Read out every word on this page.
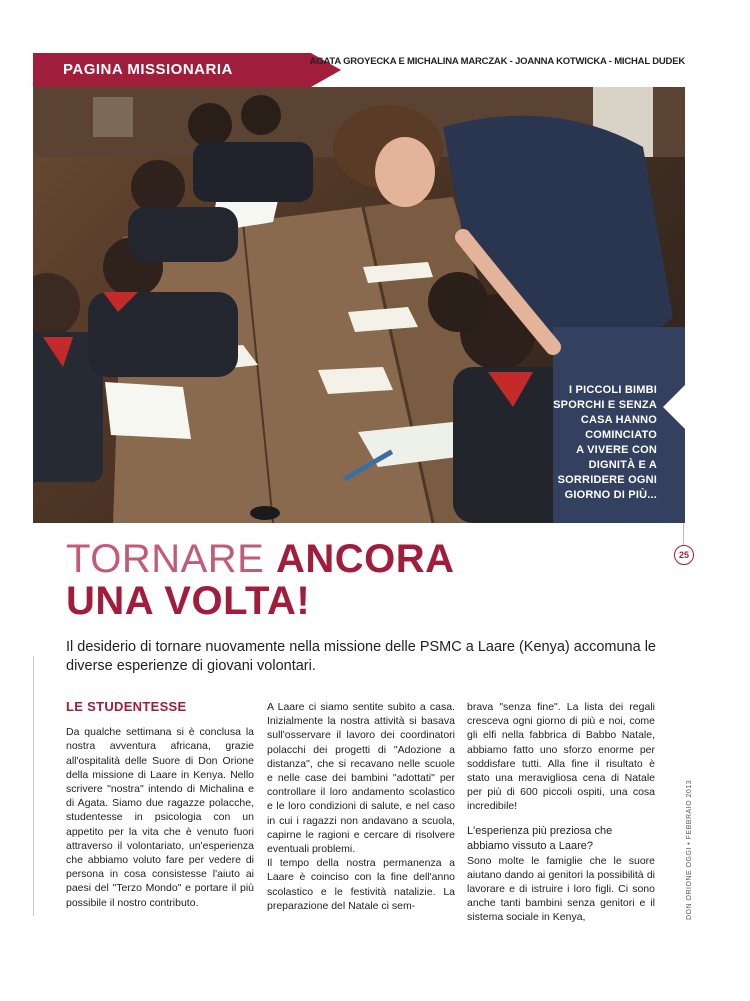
PAGINA MISSIONARIA	AGATA GROYECKA E MICHALINA MARCZAK - JOANNA KOTWICKA - MICHAL DUDEK
I PICCOLI BIMBI
SPORCHI E SENZA
CASA HANNO
COMINCIATO
A VIVERE CON
DIGNITÀ E A
SORRIDERE OGNI
GIORNO DI PIÙ...
25
TORNARE ANCORA
UNA VOLTA!

Il desiderio di tornare nuovamente nella missione delle PSMC a Laare (Kenya) accomuna le diverse esperienze di giovani volontari.

LE STUDENTESSE

Da qualche settimana si è conclusa la nostra avventura africana, grazie all'ospitalità delle Suore di Don Orione della missione di Laare in Kenya. Nello scrivere "nostra" intendo di Michalina e di Agata. Siamo due ragazze polacche, studentesse in psicologia con un appetito per la vita che è venuto fuori attraverso il volontariato, un'esperienza che abbiamo voluto fare per vedere di persona in cosa consistesse l'aiuto ai paesi del "Terzo Mondo" e portare il più possibile il nostro contributo.

A Laare ci siamo sentite subito a casa. Inizialmente la nostra attività si basava sull'osservare il lavoro dei coordinatori polacchi dei progetti di "Adozione a distanza", che si recavano nelle scuole e nelle case dei bambini "adottati" per controllare il loro andamento scolastico e le loro condizioni di salute, e nel caso in cui i ragazzi non andavano a scuola, capirne le ragioni e cercare di risolvere eventuali problemi.

Il tempo della nostra permanenza a Laare è coinciso con la fine dell'anno scolastico e le festività natalizie. La preparazione del Natale ci sem-

brava "senza fine". La lista dei regali cresceva ogni giorno di più e noi, come gli elfi nella fabbrica di Babbo Natale, abbiamo fatto uno sforzo enorme per soddisfare tutti. Alla fine il risultato è stato una meravigliosa cena di Natale per più di 600 piccoli ospiti, una cosa incredibile!

L'esperienza più preziosa che abbiamo vissuto a Laare?

Sono molte le famiglie che le suore aiutano dando ai genitori la possibilità di lavorare e di istruire i loro figli. Ci sono anche tanti bambini senza genitori e il sistema sociale in Kenya,	DON ORIONE OGGI • FEBBRAIO 2013
